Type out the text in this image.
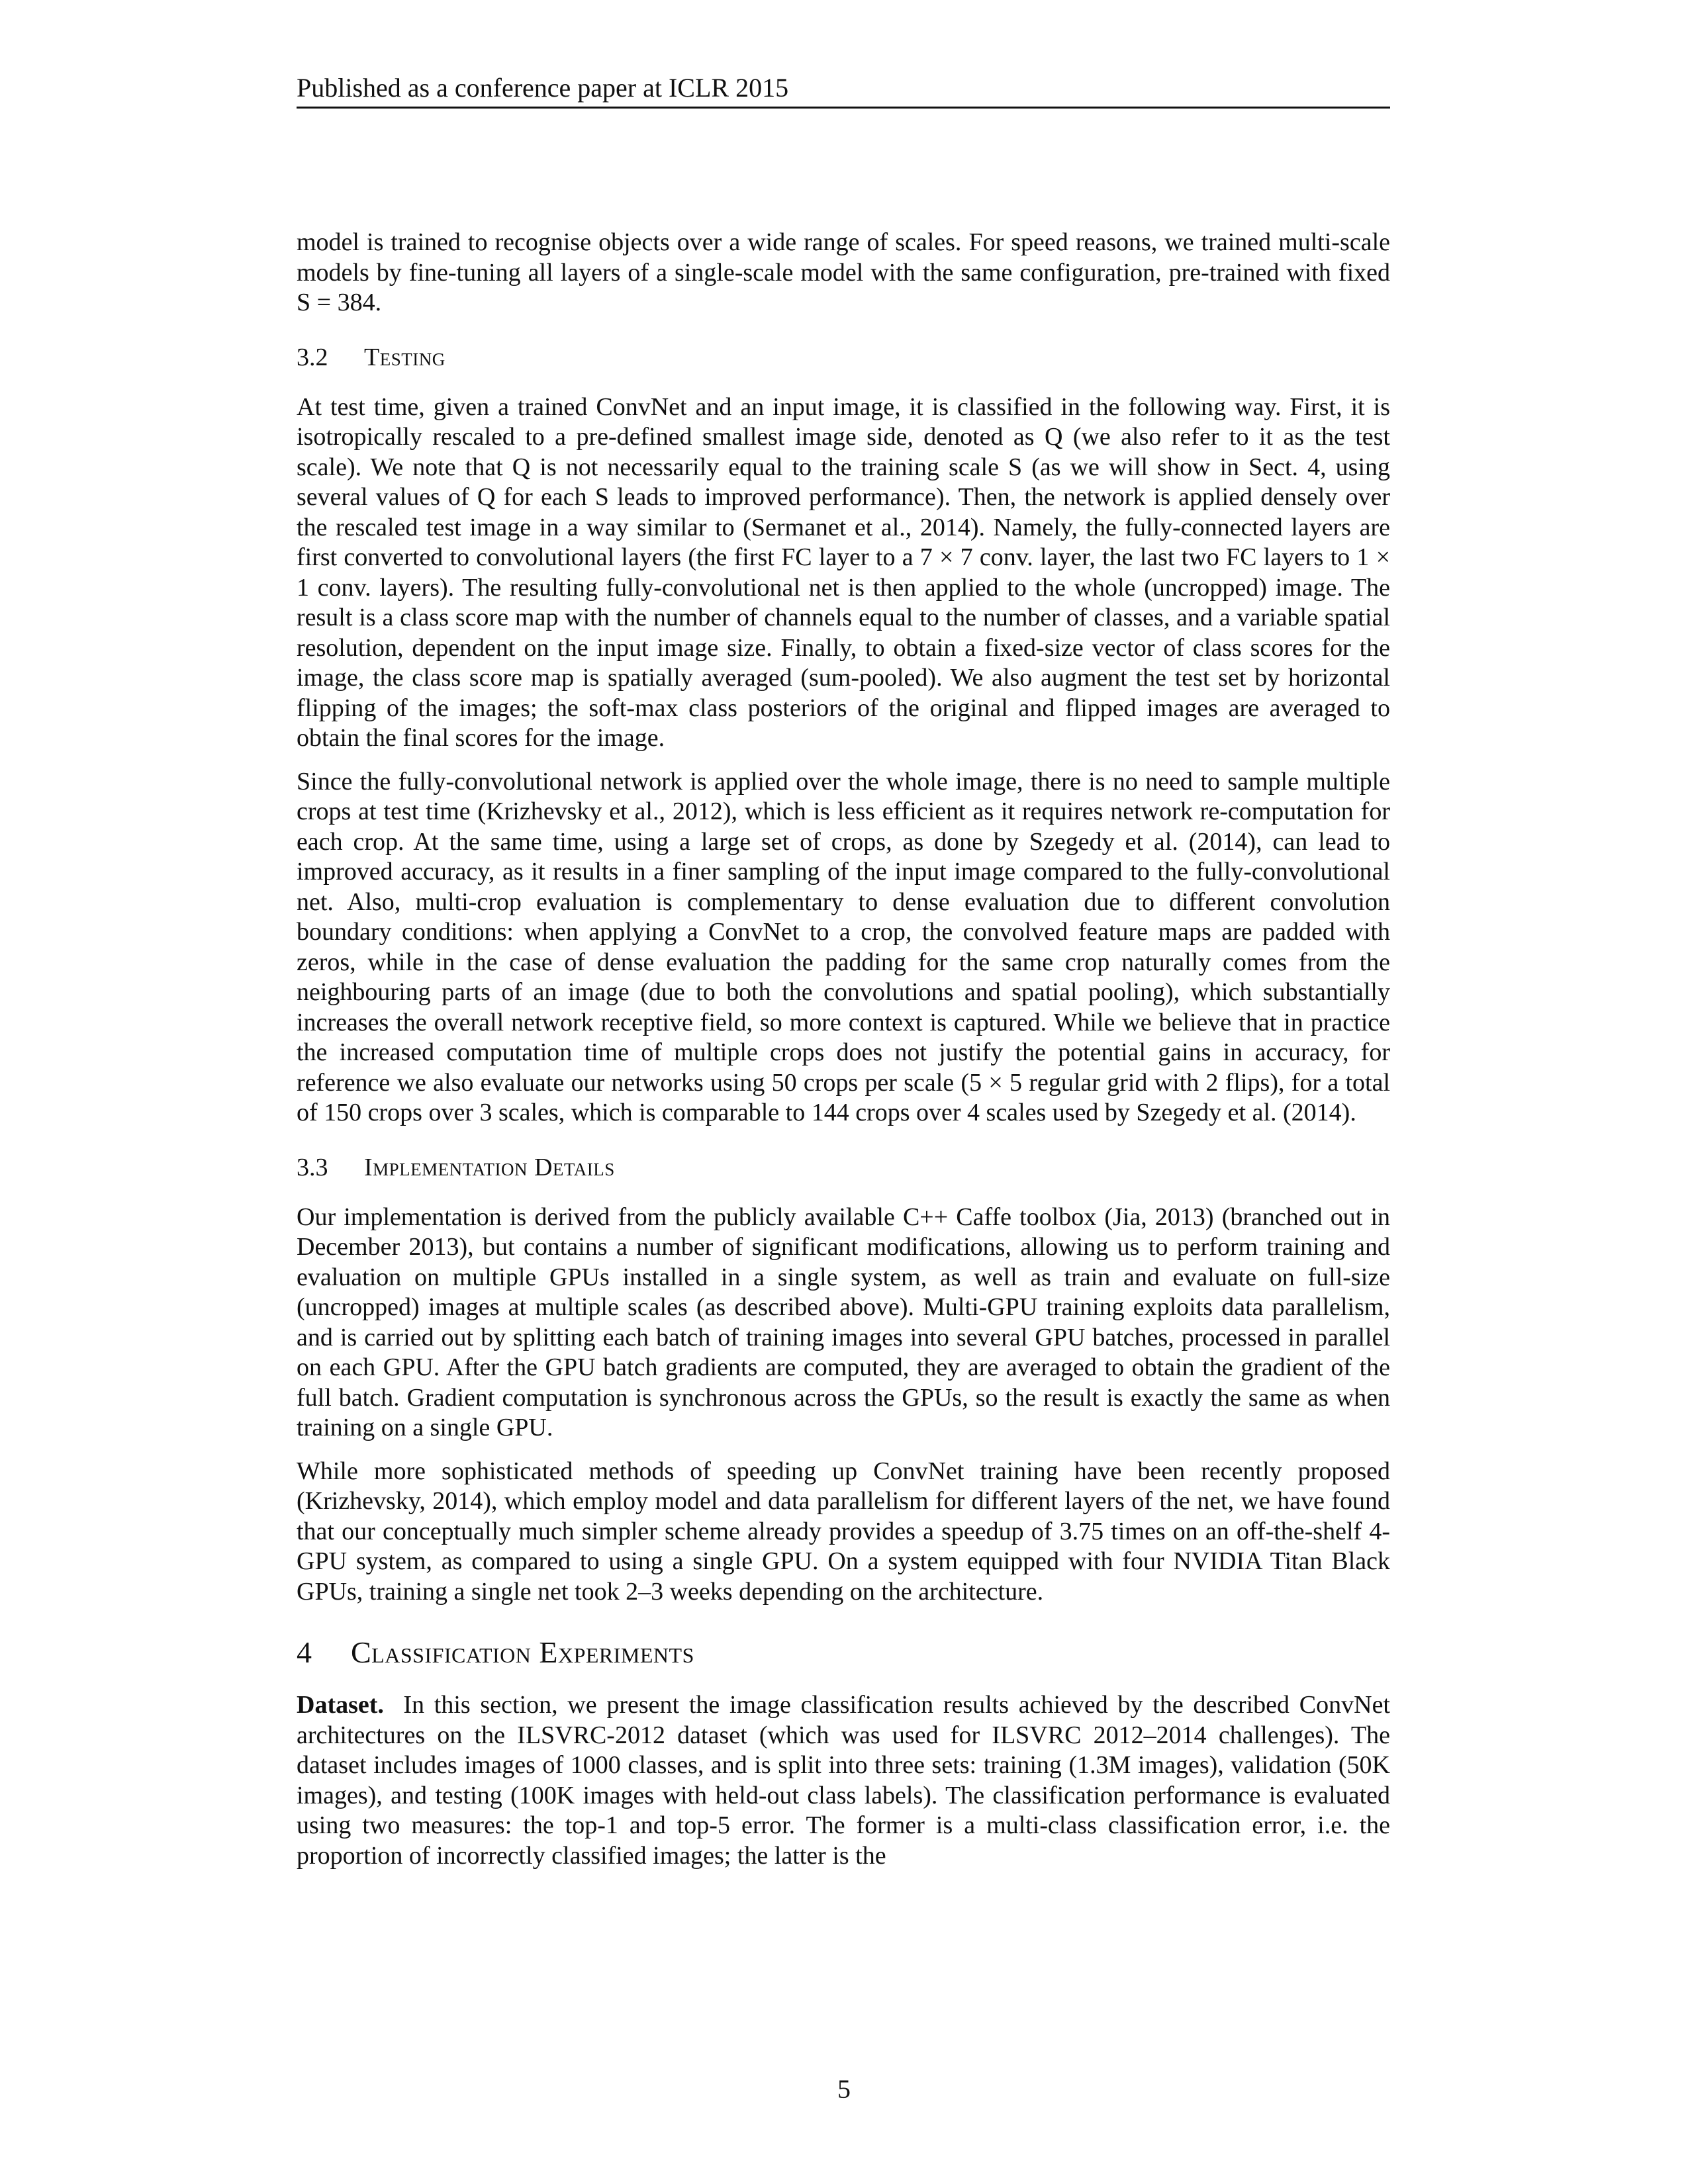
Published as a conference paper at ICLR 2015

model is trained to recognise objects over a wide range of scales. For speed reasons, we trained multi-scale models by fine-tuning all layers of a single-scale model with the same configuration, pre-trained with fixed S = 384.

3.2 Testing

At test time, given a trained ConvNet and an input image, it is classified in the following way. First, it is isotropically rescaled to a pre-defined smallest image side, denoted as Q (we also refer to it as the test scale). We note that Q is not necessarily equal to the training scale S (as we will show in Sect. 4, using several values of Q for each S leads to improved performance). Then, the network is applied densely over the rescaled test image in a way similar to (Sermanet et al., 2014). Namely, the fully-connected layers are first converted to convolutional layers (the first FC layer to a 7 × 7 conv. layer, the last two FC layers to 1 × 1 conv. layers). The resulting fully-convolutional net is then applied to the whole (uncropped) image. The result is a class score map with the number of channels equal to the number of classes, and a variable spatial resolution, dependent on the input image size. Finally, to obtain a fixed-size vector of class scores for the image, the class score map is spatially averaged (sum-pooled). We also augment the test set by horizontal flipping of the images; the soft-max class posteriors of the original and flipped images are averaged to obtain the final scores for the image.

Since the fully-convolutional network is applied over the whole image, there is no need to sample multiple crops at test time (Krizhevsky et al., 2012), which is less efficient as it requires network re-computation for each crop. At the same time, using a large set of crops, as done by Szegedy et al. (2014), can lead to improved accuracy, as it results in a finer sampling of the input image compared to the fully-convolutional net. Also, multi-crop evaluation is complementary to dense evaluation due to different convolution boundary conditions: when applying a ConvNet to a crop, the convolved feature maps are padded with zeros, while in the case of dense evaluation the padding for the same crop naturally comes from the neighbouring parts of an image (due to both the convolutions and spatial pooling), which substantially increases the overall network receptive field, so more context is captured. While we believe that in practice the increased computation time of multiple crops does not justify the potential gains in accuracy, for reference we also evaluate our networks using 50 crops per scale (5 × 5 regular grid with 2 flips), for a total of 150 crops over 3 scales, which is comparable to 144 crops over 4 scales used by Szegedy et al. (2014).

3.3 Implementation Details

Our implementation is derived from the publicly available C++ Caffe toolbox (Jia, 2013) (branched out in December 2013), but contains a number of significant modifications, allowing us to perform training and evaluation on multiple GPUs installed in a single system, as well as train and evaluate on full-size (uncropped) images at multiple scales (as described above). Multi-GPU training exploits data parallelism, and is carried out by splitting each batch of training images into several GPU batches, processed in parallel on each GPU. After the GPU batch gradients are computed, they are averaged to obtain the gradient of the full batch. Gradient computation is synchronous across the GPUs, so the result is exactly the same as when training on a single GPU.

While more sophisticated methods of speeding up ConvNet training have been recently proposed (Krizhevsky, 2014), which employ model and data parallelism for different layers of the net, we have found that our conceptually much simpler scheme already provides a speedup of 3.75 times on an off-the-shelf 4-GPU system, as compared to using a single GPU. On a system equipped with four NVIDIA Titan Black GPUs, training a single net took 2–3 weeks depending on the architecture.

4 Classification Experiments

Dataset. In this section, we present the image classification results achieved by the described ConvNet architectures on the ILSVRC-2012 dataset (which was used for ILSVRC 2012–2014 challenges). The dataset includes images of 1000 classes, and is split into three sets: training (1.3M images), validation (50K images), and testing (100K images with held-out class labels). The classification performance is evaluated using two measures: the top-1 and top-5 error. The former is a multi-class classification error, i.e. the proportion of incorrectly classified images; the latter is the

5
